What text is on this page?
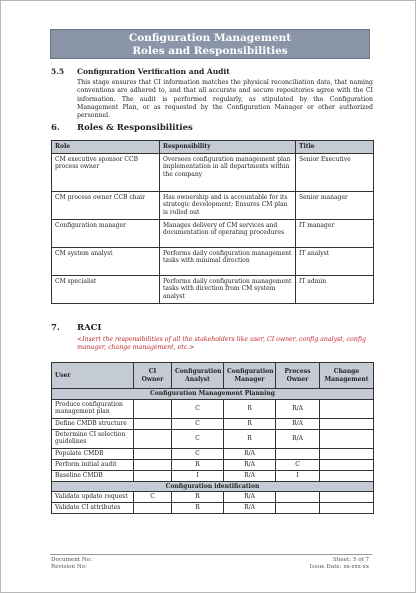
Configuration Management
Roles and Responsibilities
5.5 Configuration Verification and Audit
This stage ensures that CI information matches the physical reconciliation data, that naming conventions are adhered to, and that all accurate and secure repositories agree with the CI information. The audit is performed regularly, as stipulated by the Configuration Management Plan, or as requested by the Configuration Manager or other authorized personnel.
6. Roles & Responsibilities
Role	Responsibility	Title
CM executive sponsor CCB process owner	Oversees configuration management plan implementation in all departments within the company	Senior Executive
CM process owner CCB chair	Has ownership and is accountable for its strategic development; Ensures CM plan is rolled out	Senior manager
Configuration manager	Manages delivery of CM services and documentation of operating procedures	IT manager
CM system analyst	Performs daily configuration management tasks with minimal direction	IT analyst
CM specialist	Performs daily configuration management tasks with direction from CM system analyst	IT admin
7. RACI
<Insert the responsibilities of all the stakeholders like user, CI owner, config analyst, config manager, change management, etc.>
User	CI Owner	Configuration Analyst	Configuration Manager	Process Owner	Change Management
Configuration Management Planning					
Produce configuration management plan		C	R	R/A	
Define CMDB structure		C	R	R/A	
Determine CI selection guidelines		C	R	R/A	
Populate CMDB		C	R/A		
Perform initial audit		R	R/A	C	
Baseline CMDB		I	R/A	I	
Configuration identification					
Validate update request	C	R	R/A		
Validate CI attributes		R	R/A		
Document No:
Revision No:
Sheet: 5 of 7
Issue Date: xx-xxx-xx
